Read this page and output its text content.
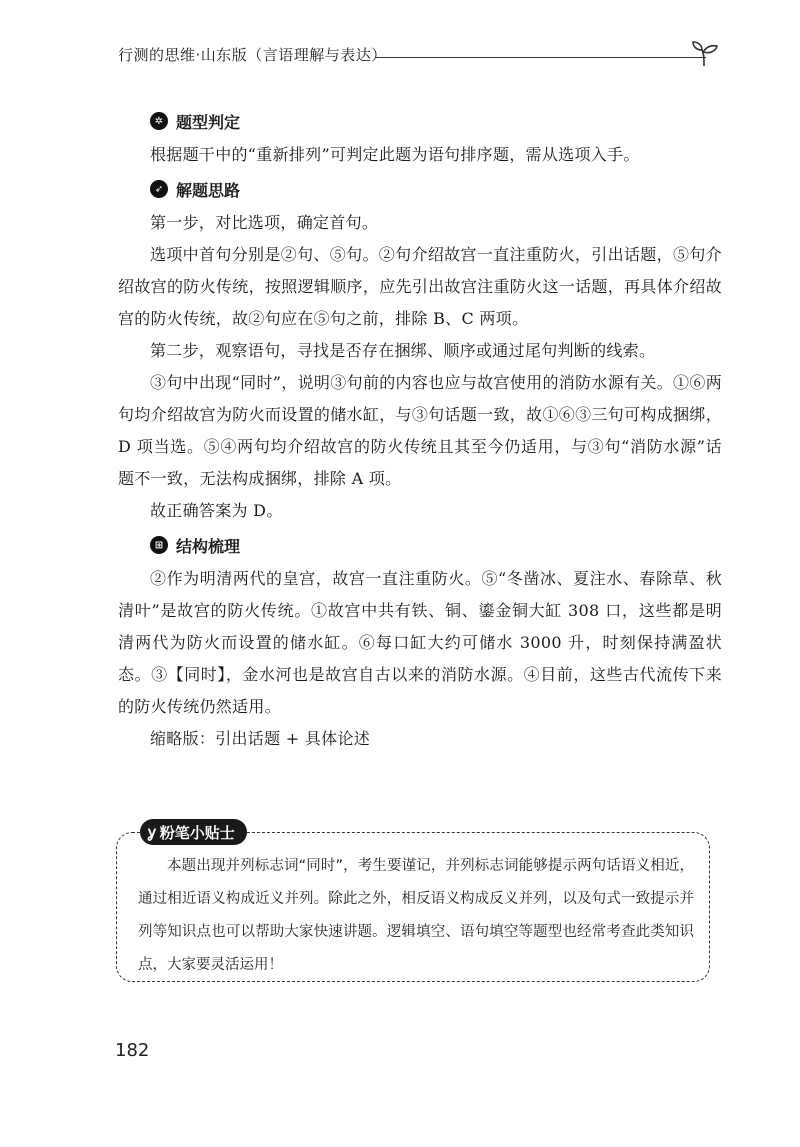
行测的思维·山东版（言语理解与表达）
✲ 题型判定

根据题干中的“重新排列”可判定此题为语句排序题，需从选项入手。

➶ 解题思路

第一步，对比选项，确定首句。

选项中首句分别是②句、⑤句。②句介绍故宫一直注重防火，引出话题，⑤句介绍故宫的防火传统，按照逻辑顺序，应先引出故宫注重防火这一话题，再具体介绍故宫的防火传统，故②句应在⑤句之前，排除 B、C 两项。

第二步，观察语句，寻找是否存在捆绑、顺序或通过尾句判断的线索。

③句中出现“同时”，说明③句前的内容也应与故宫使用的消防水源有关。①⑥两句均介绍故宫为防火而设置的储水缸，与③句话题一致，故①⑥③三句可构成捆绑，D 项当选。⑤④两句均介绍故宫的防火传统且其至今仍适用，与③句“消防水源”话题不一致，无法构成捆绑，排除 A 项。

故正确答案为 D。

⊞ 结构梳理

②作为明清两代的皇宫，故宫一直注重防火。⑤“冬凿冰、夏注水、春除草、秋清叶”是故宫的防火传统。①故宫中共有铁、铜、鎏金铜大缸 308 口，这些都是明清两代为防火而设置的储水缸。⑥每口缸大约可储水 3000 升，时刻保持满盈状态。③【同时】，金水河也是故宫自古以来的消防水源。④目前，这些古代流传下来的防火传统仍然适用。

缩略版：引出话题 + 具体论述

ỿ 粉笔小贴士
本题出现并列标志词“同时”，考生要谨记，并列标志词能够提示两句话语义相近，通过相近语义构成近义并列。除此之外，相反语义构成反义并列，以及句式一致提示并列等知识点也可以帮助大家快速讲题。逻辑填空、语句填空等题型也经常考查此类知识点，大家要灵活运用！
182
